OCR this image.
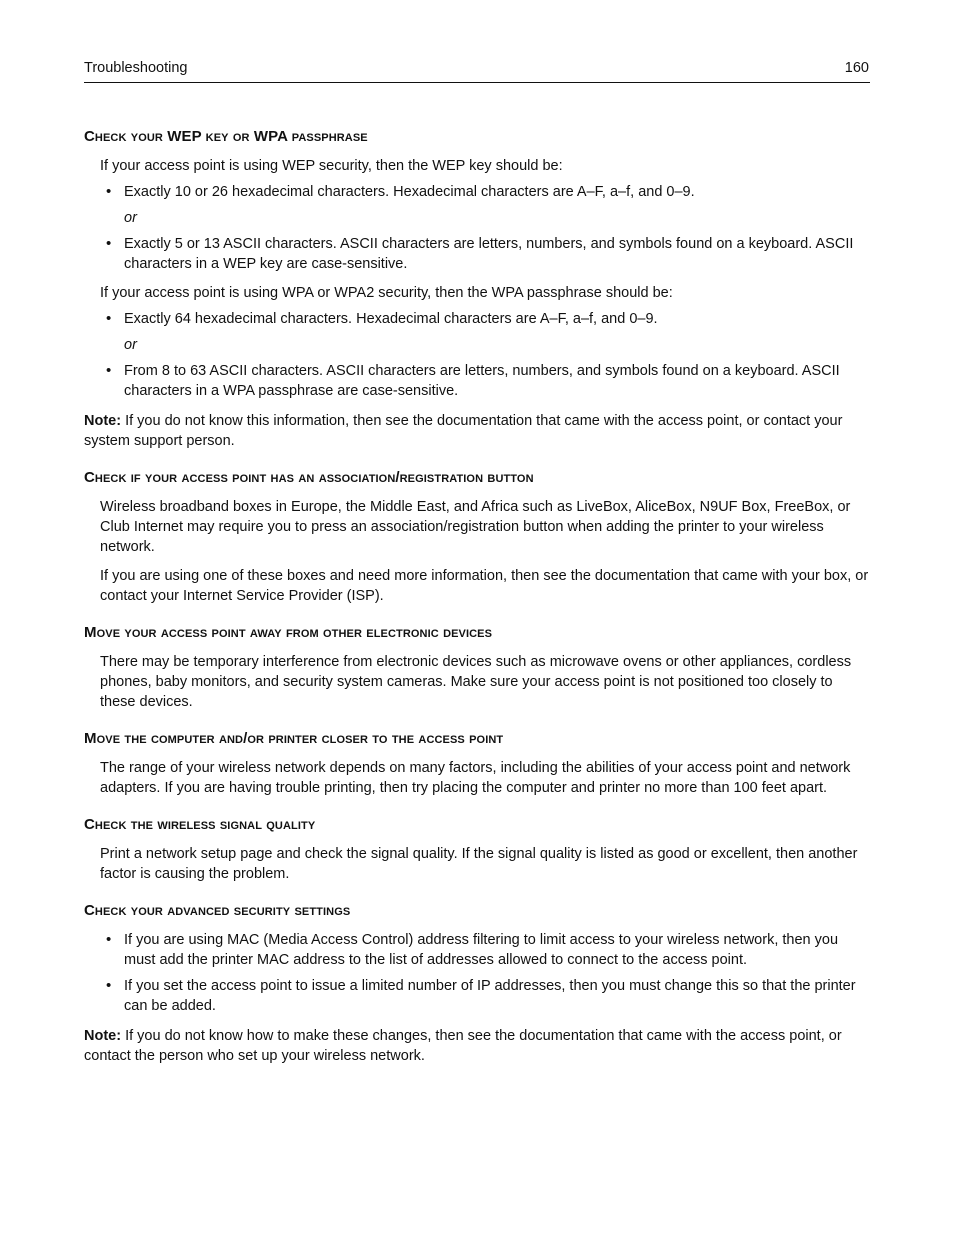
Troubleshooting	160
Check your WEP key or WPA passphrase

If your access point is using WEP security, then the WEP key should be:

• Exactly 10 or 26 hexadecimal characters. Hexadecimal characters are A–F, a–f, and 0–9.
or
• Exactly 5 or 13 ASCII characters. ASCII characters are letters, numbers, and symbols found on a keyboard. ASCII characters in a WEP key are case-sensitive.

If your access point is using WPA or WPA2 security, then the WPA passphrase should be:

• Exactly 64 hexadecimal characters. Hexadecimal characters are A–F, a–f, and 0–9.
or
• From 8 to 63 ASCII characters. ASCII characters are letters, numbers, and symbols found on a keyboard. ASCII characters in a WPA passphrase are case-sensitive.

Note: If you do not know this information, then see the documentation that came with the access point, or contact your system support person.

Check if your access point has an association/registration button

Wireless broadband boxes in Europe, the Middle East, and Africa such as LiveBox, AliceBox, N9UF Box, FreeBox, or Club Internet may require you to press an association/registration button when adding the printer to your wireless network.

If you are using one of these boxes and need more information, then see the documentation that came with your box, or contact your Internet Service Provider (ISP).

Move your access point away from other electronic devices

There may be temporary interference from electronic devices such as microwave ovens or other appliances, cordless phones, baby monitors, and security system cameras. Make sure your access point is not positioned too closely to these devices.

Move the computer and/or printer closer to the access point

The range of your wireless network depends on many factors, including the abilities of your access point and network adapters. If you are having trouble printing, then try placing the computer and printer no more than 100 feet apart.

Check the wireless signal quality

Print a network setup page and check the signal quality. If the signal quality is listed as good or excellent, then another factor is causing the problem.

Check your advanced security settings
• If you are using MAC (Media Access Control) address filtering to limit access to your wireless network, then you must add the printer MAC address to the list of addresses allowed to connect to the access point.
• If you set the access point to issue a limited number of IP addresses, then you must change this so that the printer can be added.

Note: If you do not know how to make these changes, then see the documentation that came with the access point, or contact the person who set up your wireless network.
